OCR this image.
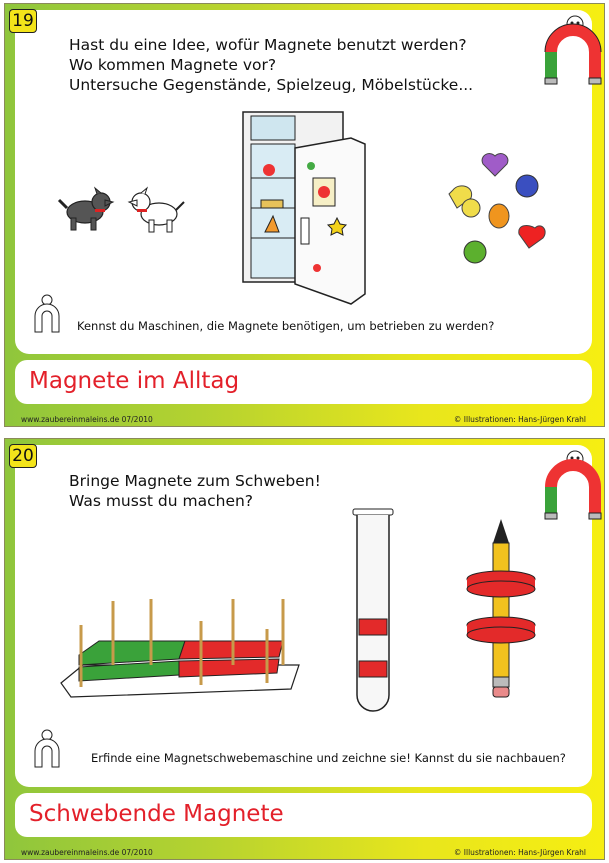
Hast du eine Idee, wofür Magnete benutzt werden?
Wo kommen Magnete vor?
Untersuche Gegenstände, Spielzeug, Möbelstücke...
Kennst du Maschinen, die Magnete benötigen, um betrieben zu werden?
19
Magnete im Alltag
www.zaubereinmaleins.de 07/2010	© Illustrationen: Hans-Jürgen Krahl
Bringe Magnete zum Schweben!
Was musst du machen?
Erfinde eine Magnetschwebemaschine und zeichne sie! Kannst du sie nachbauen?
20
Schwebende Magnete
www.zaubereinmaleins.de 07/2010	© Illustrationen: Hans-Jürgen Krahl
